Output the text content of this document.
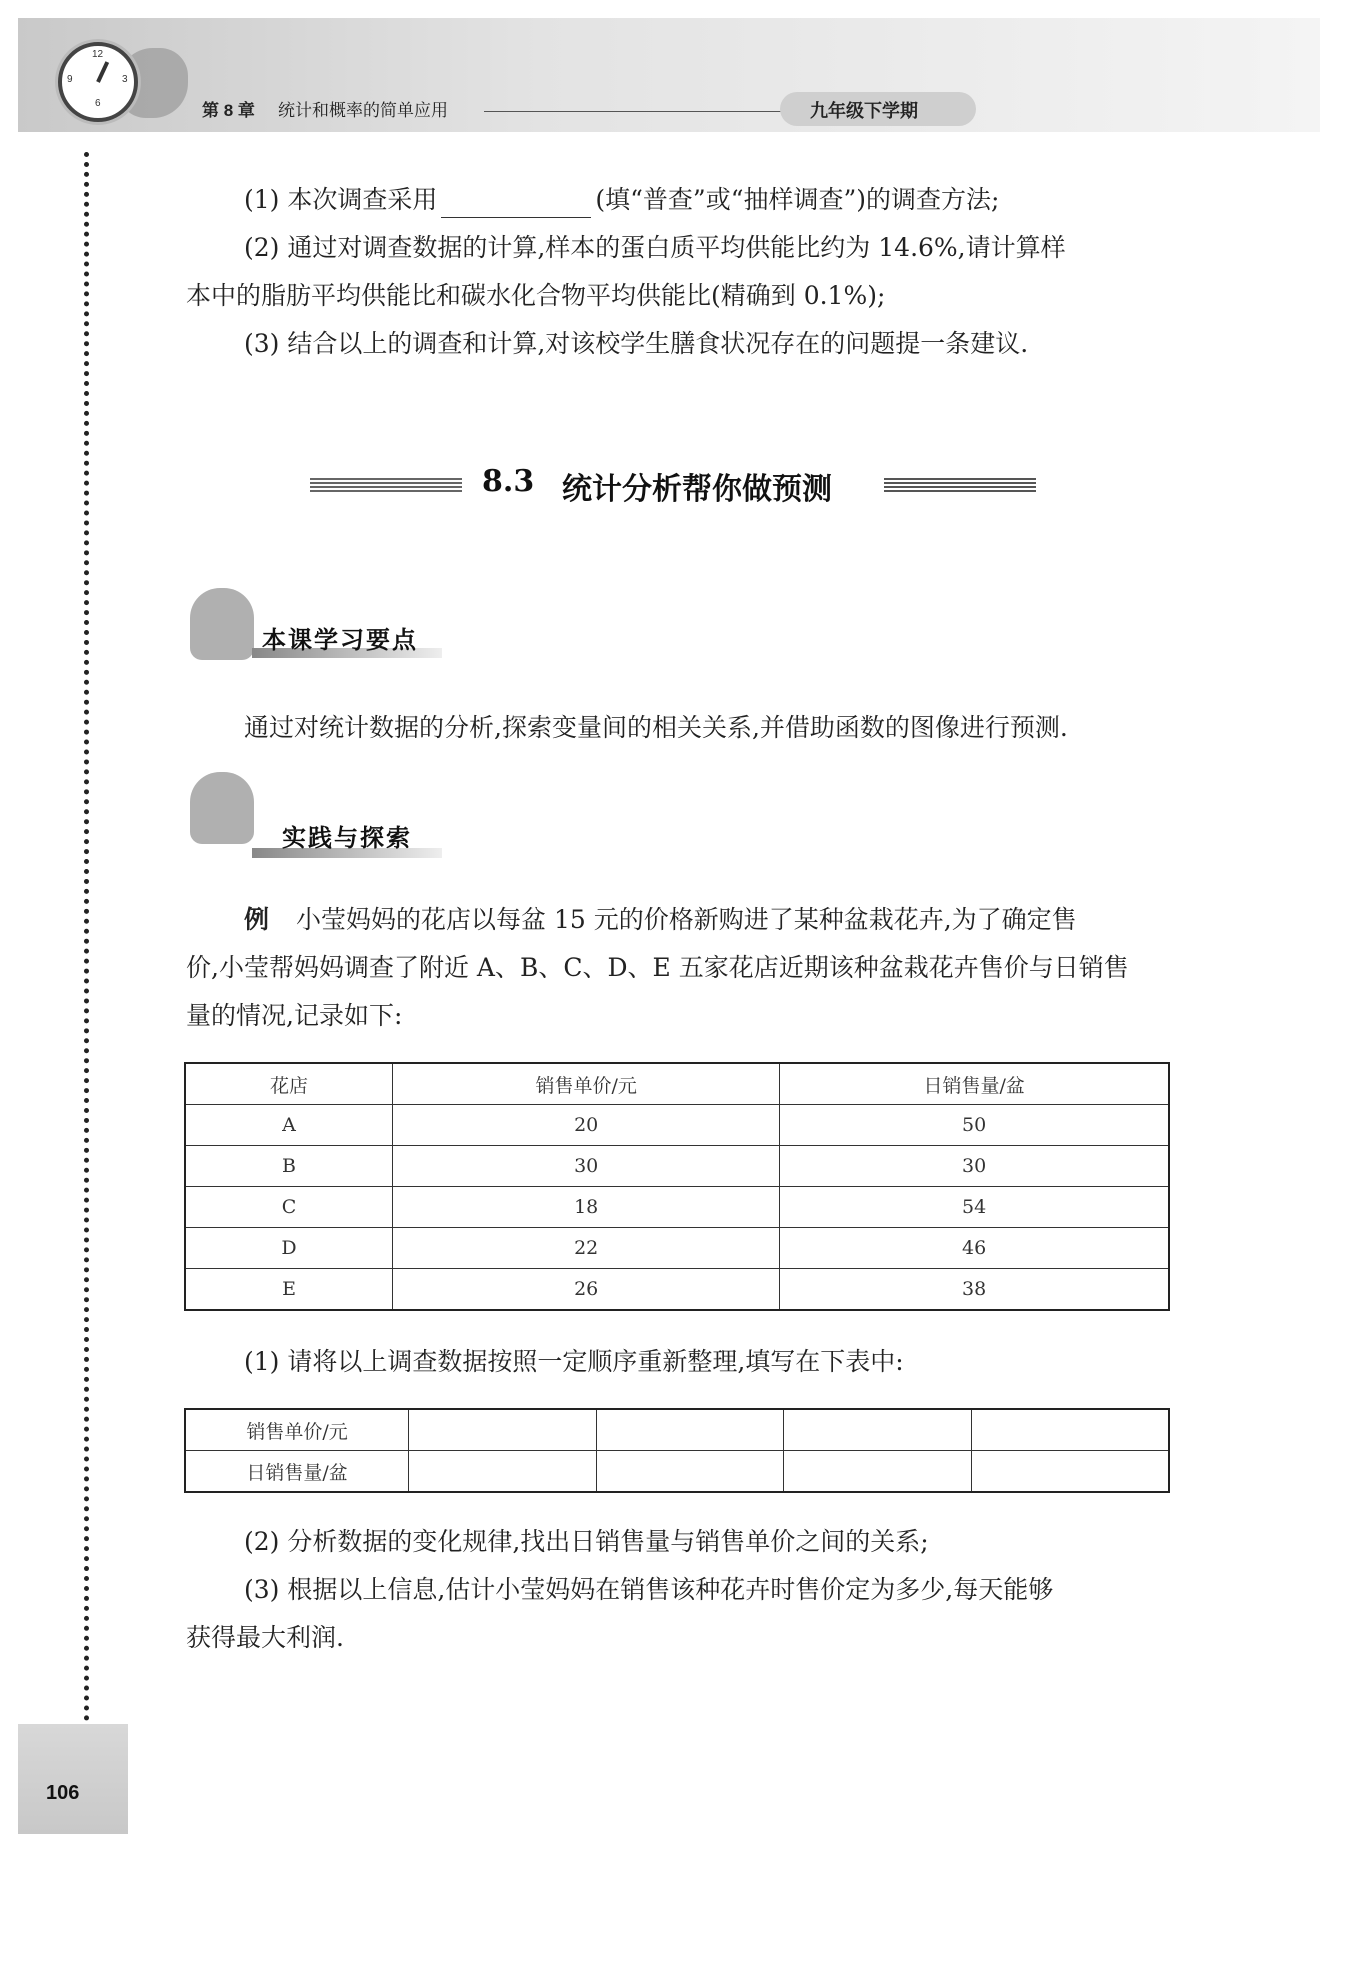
12
3
6
9
第 8 章 统计和概率的简单应用	九年级下学期
(1) 本次调查采用	(填“普查”或“抽样调查”)的调查方法;
(2) 通过对调查数据的计算,样本的蛋白质平均供能比约为 14.6%,请计算样
本中的脂肪平均供能比和碳水化合物平均供能比(精确到 0.1%);
(3) 结合以上的调查和计算,对该校学生膳食状况存在的问题提一条建议.
8.3 统计分析帮你做预测
本课学习要点
通过对统计数据的分析,探索变量间的相关关系,并借助函数的图像进行预测.
实践与探索
例 小莹妈妈的花店以每盆 15 元的价格新购进了某种盆栽花卉,为了确定售
价,小莹帮妈妈调查了附近 A、B、C、D、E 五家花店近期该种盆栽花卉售价与日销售
量的情况,记录如下:
花店	销售单价/元	日销售量/盆
A	20	50
B	30	30
C	18	54
D	22	46
E	26	38
(1) 请将以上调查数据按照一定顺序重新整理,填写在下表中:
销售单价/元				
日销售量/盆				
(2) 分析数据的变化规律,找出日销售量与销售单价之间的关系;
(3) 根据以上信息,估计小莹妈妈在销售该种花卉时售价定为多少,每天能够
获得最大利润.
106
